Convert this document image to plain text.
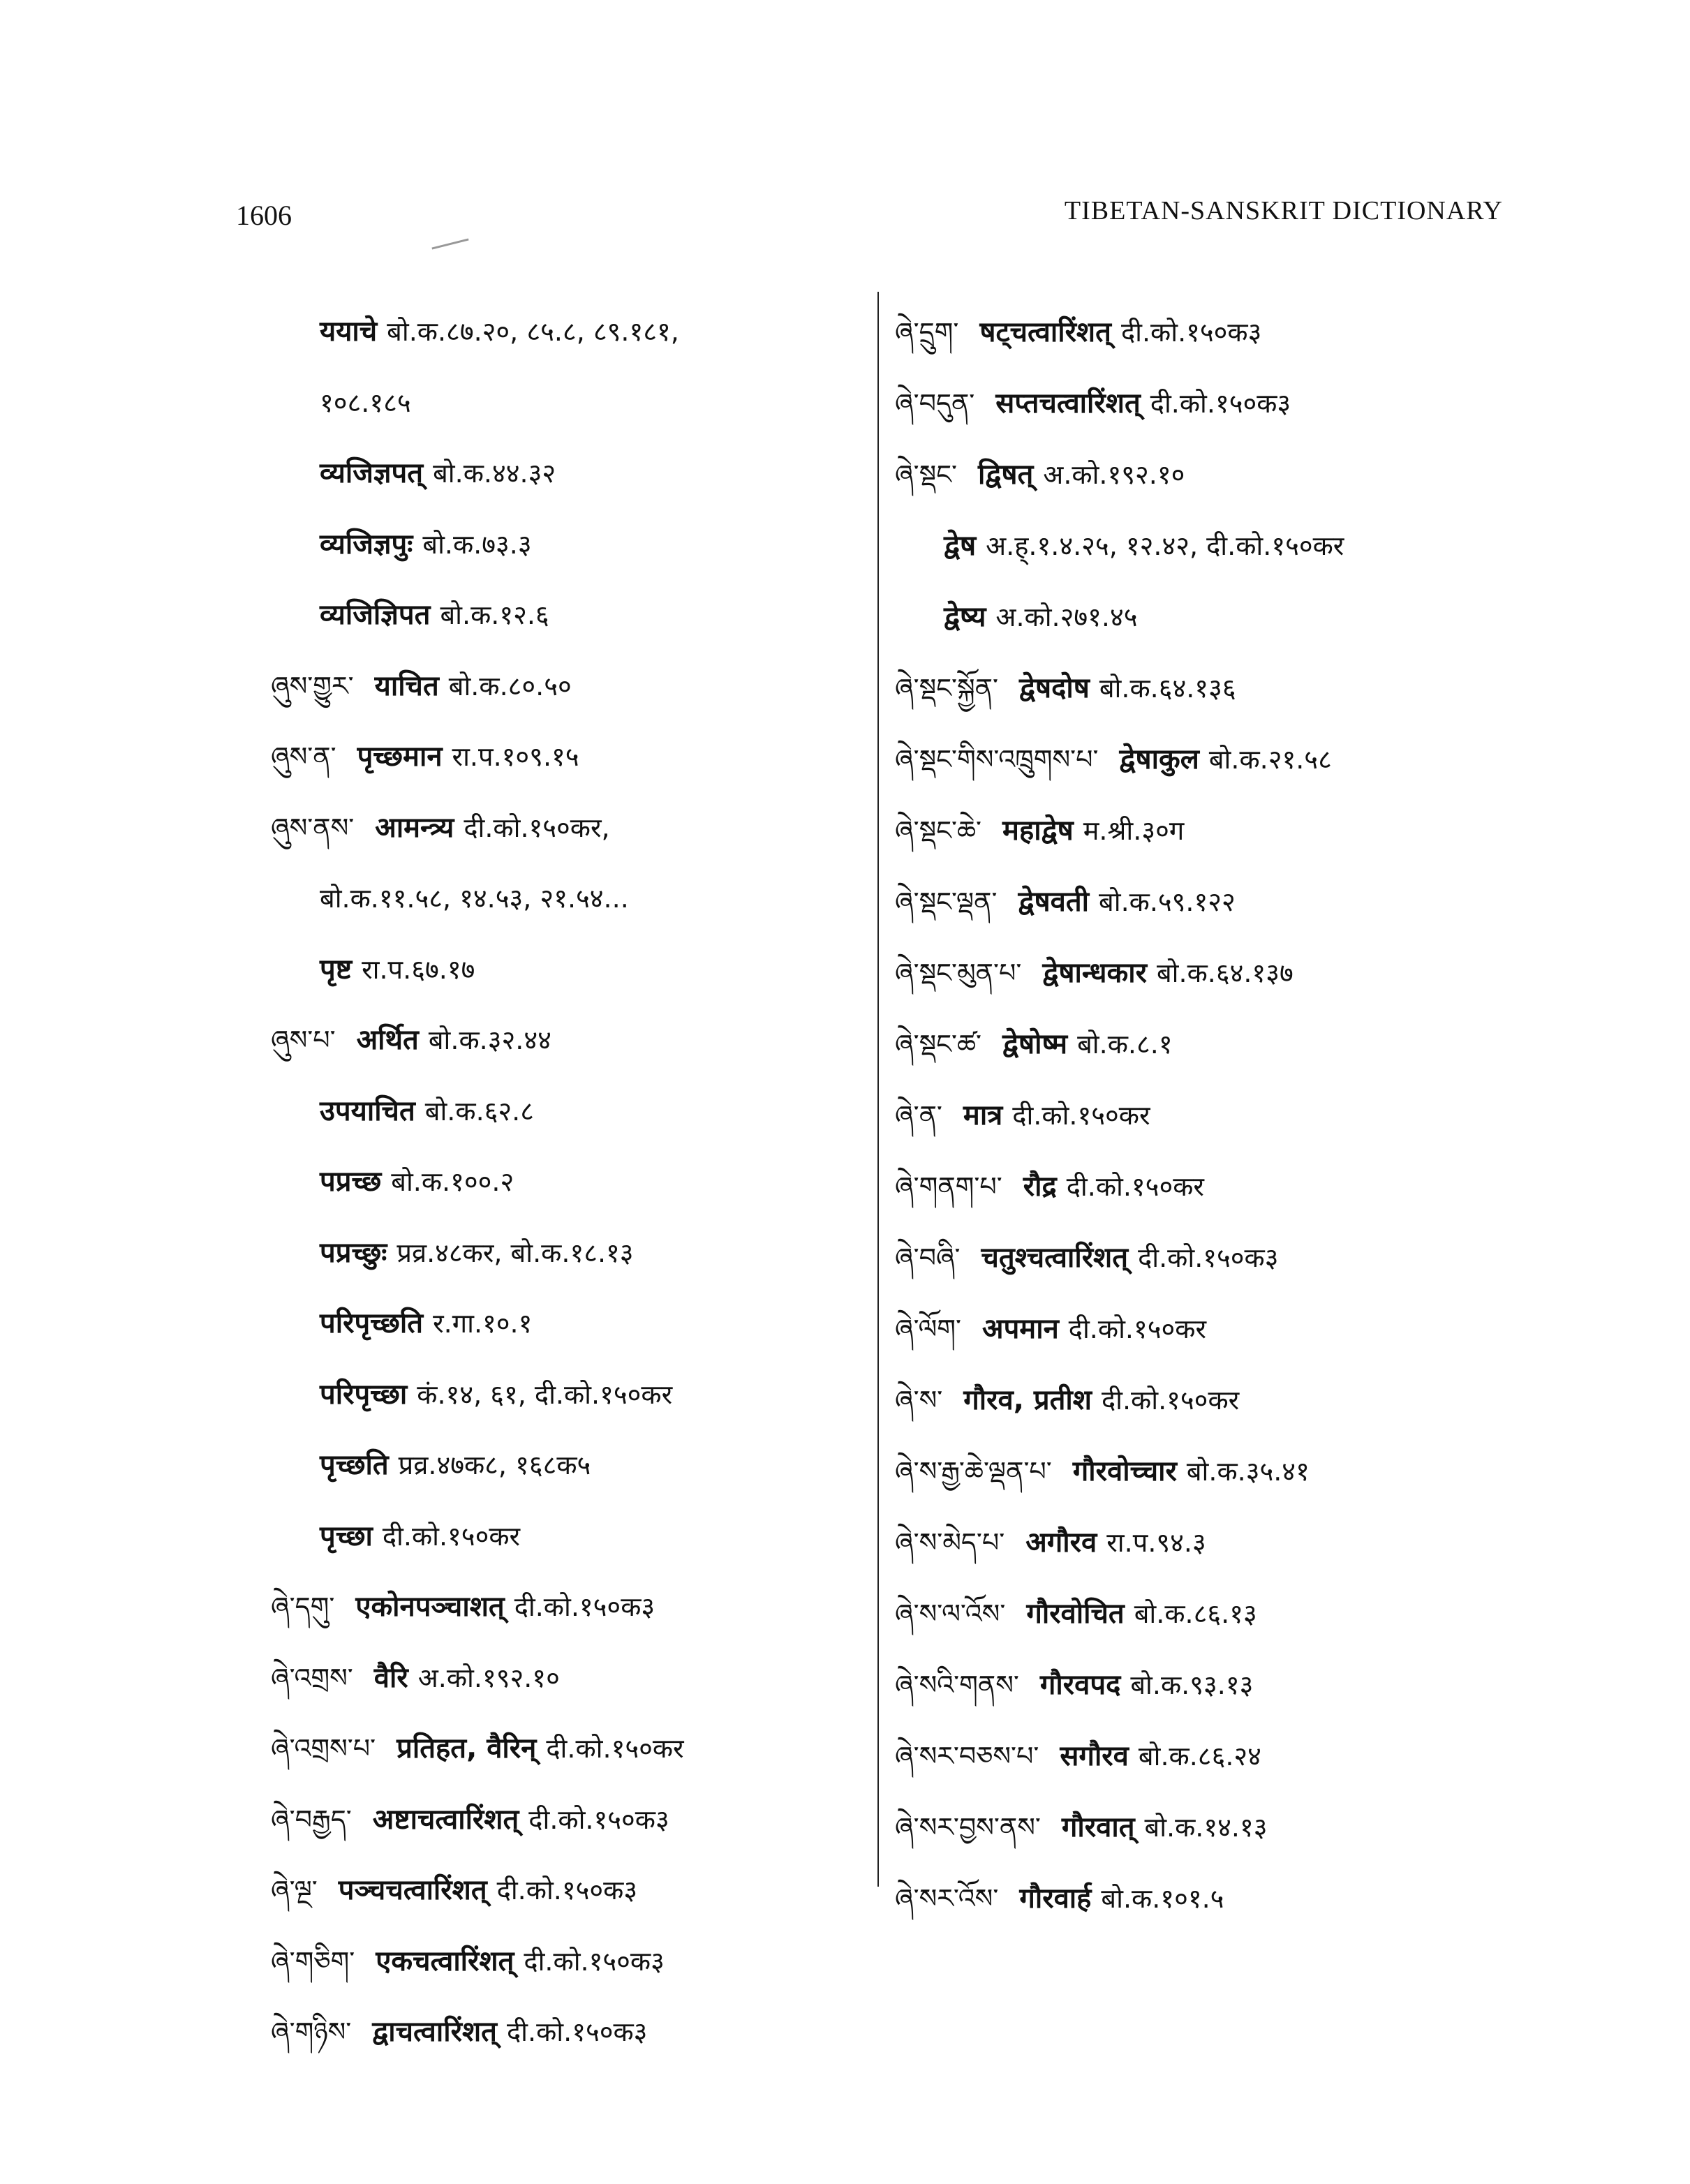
1606	TIBETAN-SANSKRIT DICTIONARY
ययाचे बो.क.८७.२०, ८५.८, ८९.१८१,
१०८.१८५
व्यजिज्ञपत् बो.क.४४.३२
व्यजिज्ञपुः बो.क.७३.३
व्यजिज्ञिपत बो.क.१२.६
ཞུས་གྱུར་ याचित बो.क.८०.५०
ཞུས་ན་ पृच्छमान रा.प.१०९.१५
ཞུས་ནས་ आमन्त्र्य दी.को.१५०कर,
बो.क.११.५८, १४.५३, २१.५४...
पृष्ट रा.प.६७.१७
ཞུས་པ་ अर्थित बो.क.३२.४४
उपयाचित बो.क.६२.८
पप्रच्छ बो.क.१००.२
पप्रच्छुः प्रव्र.४८कर, बो.क.१८.१३
परिपृच्छति र.गा.१०.१
परिपृच्छा कं.१४, ६१, दी.को.१५०कर
पृच्छति प्रव्र.४७क८, १६८क५
पृच्छा दी.को.१५०कर
ཞེ་དགུ་ एकोनपञ्चाशत् दी.को.१५०क३
ཞེ་འགྲས་ वैरि अ.को.१९२.१०
ཞེ་འགྲས་པ་ प्रतिहत, वैरिन् दी.को.१५०कर
ཞེ་བརྒྱད་ अष्टाचत्वारिंशत् दी.को.१५०क३
ཞེ་ལྔ་ पञ्चचत्वारिंशत् दी.को.१५०क३
ཞེ་གཅིག་ एकचत्वारिंशत् दी.को.१५०क३
ཞེ་གཉིས་ द्वाचत्वारिंशत् दी.को.१५०क३
ཞེ་དྲུག་ षट्चत्वारिंशत् दी.को.१५०क३
ཞེ་བདུན་ सप्तचत्वारिंशत् दी.को.१५०क३
ཞེ་སྡང་ द्विषत् अ.को.१९२.१०
द्वेष अ.ह्.१.४.२५, १२.४२, दी.को.१५०कर
द्वेष्य अ.को.२७१.४५
ཞེ་སྡང་སྐྱོན་ द्वेषदोष बो.क.६४.१३६
ཞེ་སྡང་གིས་འཁྲུགས་པ་ द्वेषाकुल बो.क.२१.५८
ཞེ་སྡང་ཆེ་ महाद्वेष म.श्री.३०ग
ཞེ་སྡང་ལྡན་ द्वेषवती बो.क.५९.१२२
ཞེ་སྡང་མུན་པ་ द्वेषान्धकार बो.क.६४.१३७
ཞེ་སྡང་ཚ་ द्वेषोष्म बो.क.८.१
ཞེ་ན་ मात्र दी.को.१५०कर
ཞེ་གནག་པ་ रौद्र दी.को.१५०कर
ཞེ་བཞི་ चतुश्चत्वारिंशत् दी.को.१५०क३
ཞེ་ལོག་ अपमान दी.को.१५०कर
ཞེ་ས་ गौरव, प्रतीश दी.को.१५०कर
ཞེ་ས་རྒྱ་ཆེ་ལྡན་པ་ गौरवोच्चार बो.क.३५.४१
ཞེ་ས་མེད་པ་ अगौरव रा.प.९४.३
ཞེ་ས་ལ་འོས་ गौरवोचित बो.क.८६.१३
ཞེ་སའི་གནས་ गौरवपद बो.क.९३.१३
ཞེ་སར་བཅས་པ་ सगौरव बो.क.८६.२४
ཞེ་སར་བྱས་ནས་ गौरवात् बो.क.१४.१३
ཞེ་སར་འོས་ गौरवार्ह बो.क.१०१.५
